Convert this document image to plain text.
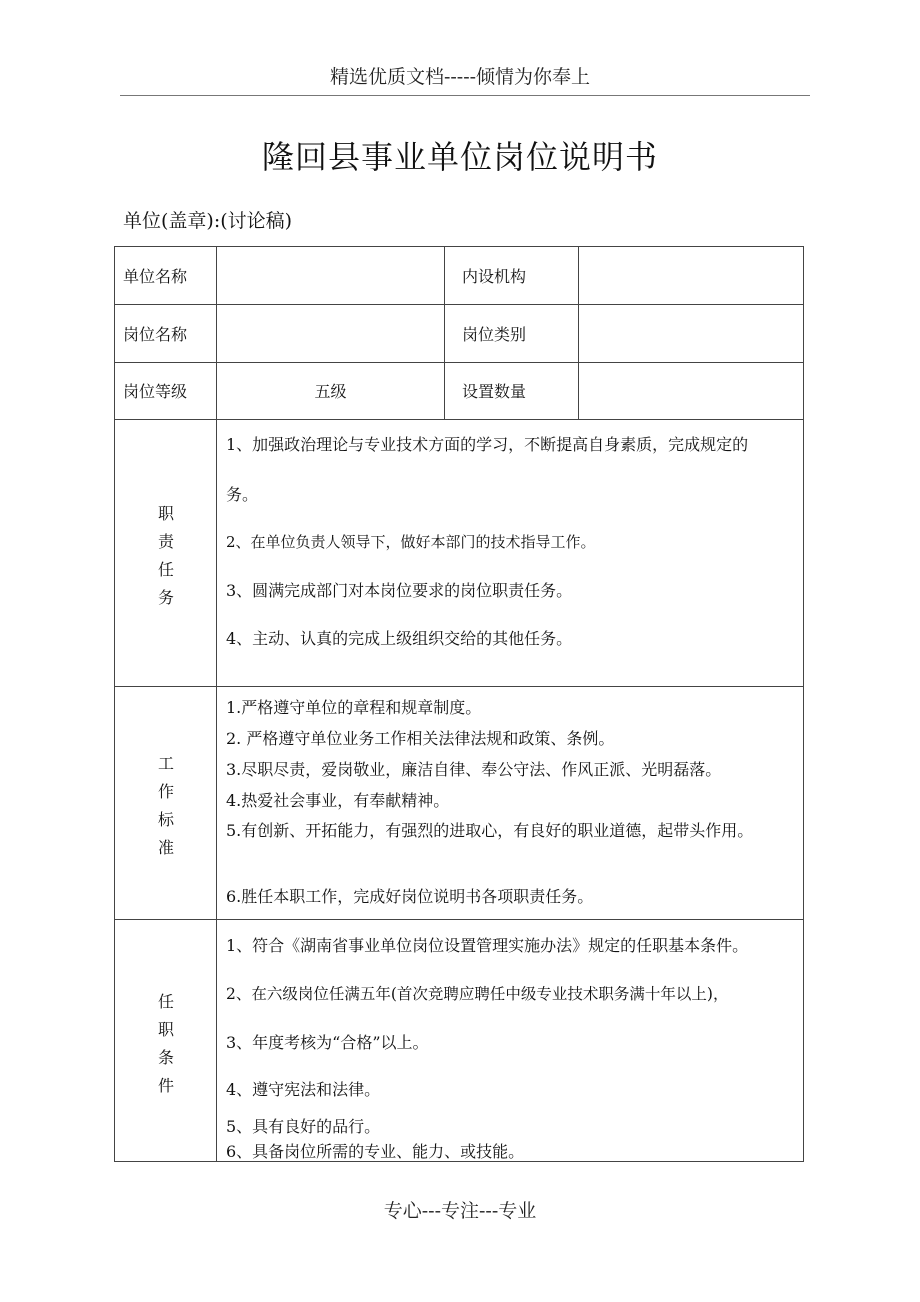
精选优质文档-----倾情为你奉上
隆回县事业单位岗位说明书
单位(盖章):(讨论稿)
单位名称	内设机构
岗位名称	岗位类别
岗位等级	五级	设置数量
职
责
任
务
1、加强政治理论与专业技术方面的学习，不断提高自身素质，完成规定的
务。
2、在单位负责人领导下，做好本部门的技术指导工作。
3、圆满完成部门对本岗位要求的岗位职责任务。
4、主动、认真的完成上级组织交给的其他任务。
工
作
标
准
1.严格遵守单位的章程和规章制度。
2. 严格遵守单位业务工作相关法律法规和政策、条例。
3.尽职尽责，爱岗敬业，廉洁自律、奉公守法、作风正派、光明磊落。
4.热爱社会事业，有奉献精神。
5.有创新、开拓能力，有强烈的进取心，有良好的职业道德，起带头作用。
6.胜任本职工作，完成好岗位说明书各项职责任务。
任
职
条
件
1、符合《湖南省事业单位岗位设置管理实施办法》规定的任职基本条件。
2、在六级岗位任满五年(首次竞聘应聘任中级专业技术职务满十年以上)，
3、年度考核为“合格”以上。
4、遵守宪法和法律。
5、具有良好的品行。
6、具备岗位所需的专业、能力、或技能。
专心---专注---专业
